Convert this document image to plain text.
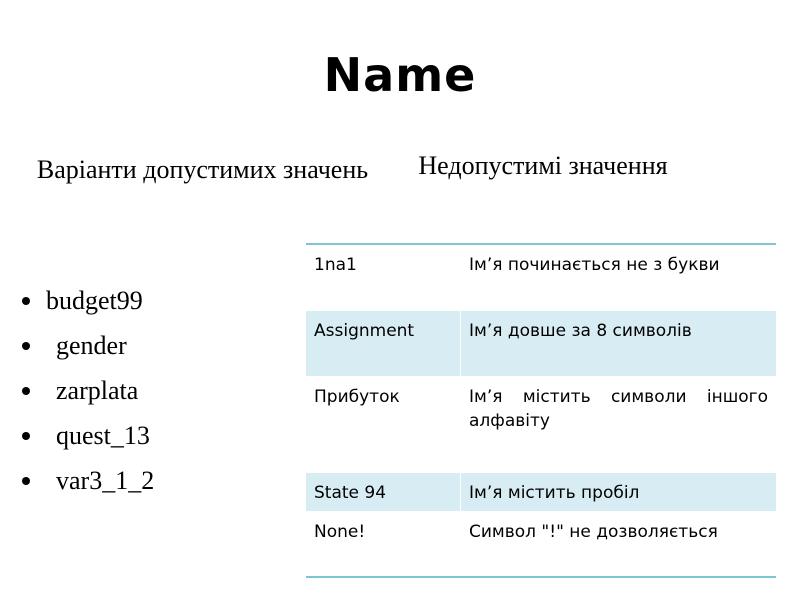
Name
Варіанти допустимих значень	Недопустимі значення
budget99
gender
zarplata
quest_13
var3_1_2
1na1	Ім’я починається не з букви
Assignment	Ім’я довше за 8 символів
Прибуток	Ім’я містить символи іншого алфавіту
State 94	Ім’я містить пробіл
None!	Символ "!" не дозволяється
